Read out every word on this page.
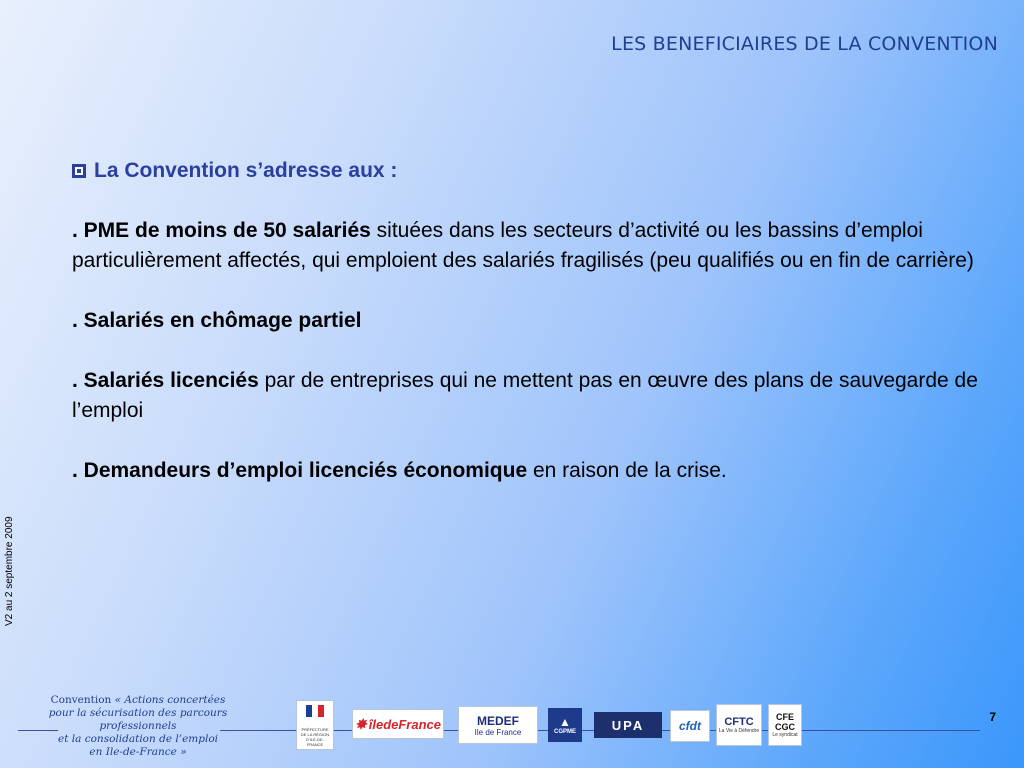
LES BENEFICIAIRES DE LA CONVENTION
La Convention s’adresse aux :
. PME de moins de 50 salariés situées dans les secteurs d’activité ou les bassins d’emploi particulièrement affectés, qui emploient des salariés fragilisés (peu qualifiés ou en fin de carrière)
. Salariés en chômage partiel
. Salariés licenciés par de entreprises qui ne mettent pas en œuvre des plans de sauvegarde de l’emploi
. Demandeurs d’emploi licenciés économique en raison de la crise.
V2 au 2 septembre 2009
Convention « Actions concertées
pour la sécurisation des parcours professionnels
et la consolidation de l’emploi
en Ile-de-France »
PRÉFECTURE DE LA RÉGION D'ILE-DE-FRANCE
✸ îledeFrance	MEDEF
Ile de France
▲
CGPME	UPA	cfdt CFTC
La Vie à Défendre
CFE CGC
Le syndicat
7
